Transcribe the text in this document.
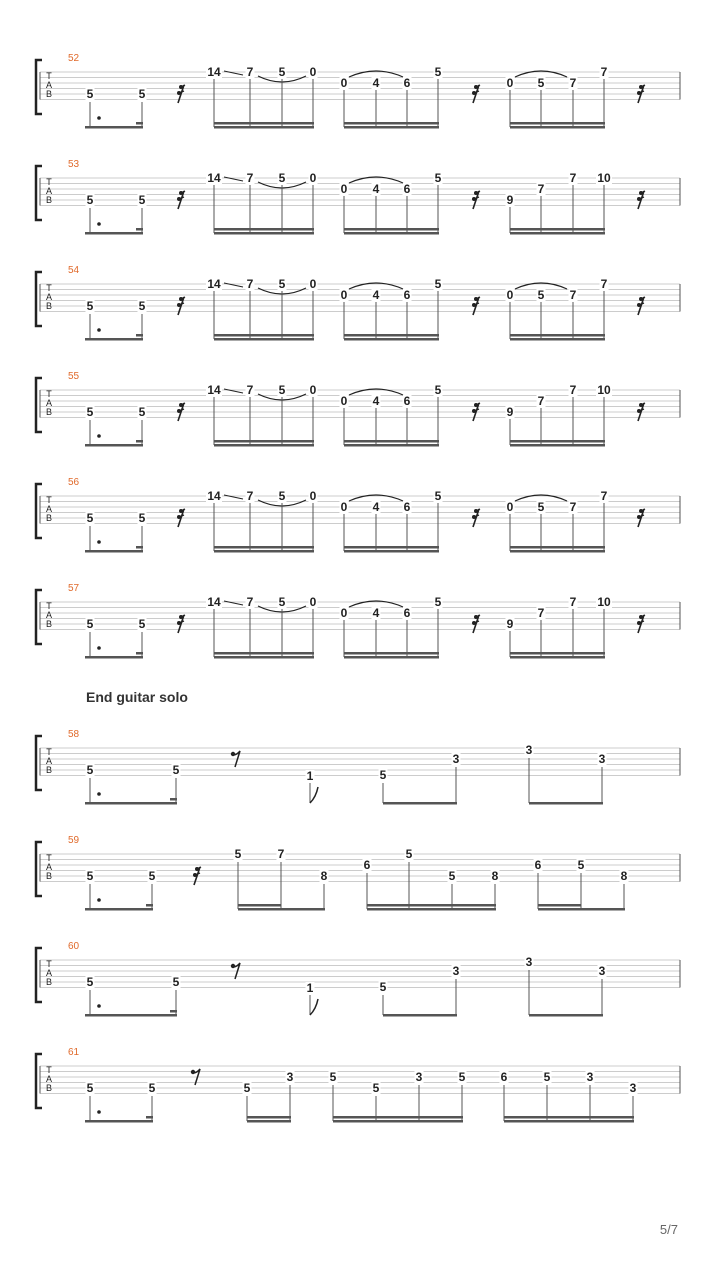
T
A
B
52
5	5
14 7 5 0
0 4 6
5
0 5 7
7
T
A
B
53
5	5
14 7 5 0
0 4 6
5
9
7
7 10
T
A
B
54
5	5
14 7 5 0
0 4 6
5
0 5 7
7
T
A
B
55
5	5
14 7 5 0
0 4 6
5
9
7
7 10
T
A
B
56
5	5
14 7 5 0
0 4 6
5
0 5 7
7
T
A
B
57
5	5
14 7 5 0
0 4 6
5
9
7
7 10
T
A
B
58
5	5	1	5
3
3
3
T
A
B
59
5	5
5	7
8
6
5
5	8
6	5
8
T
A
B
60
5	5	1	5
3
3
3
T
A
B
61
5	5	5
3	5
5
3	5	6	5	3
3
End guitar solo
5/7
